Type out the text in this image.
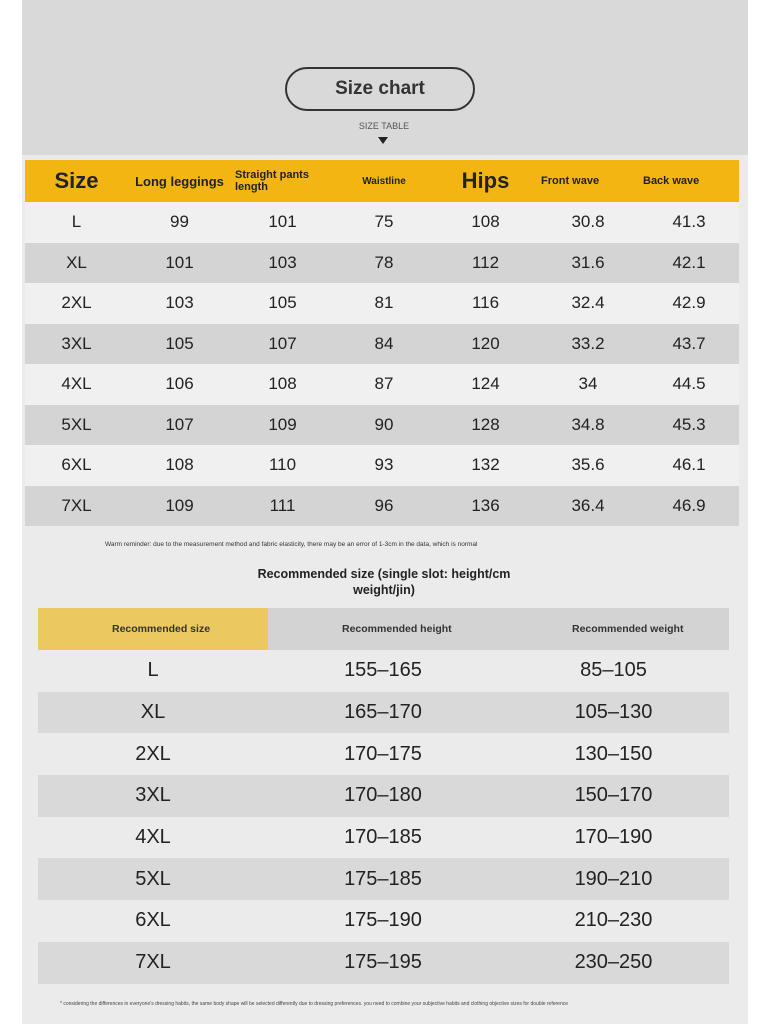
Size chart
SIZE TABLE
Size	Long leggings	Straight pants length	Waistline	Hips	Front wave	Back wave
L	99	101	75	108	30.8	41.3
XL	101	103	78	112	31.6	42.1
2XL	103	105	81	116	32.4	42.9
3XL	105	107	84	120	33.2	43.7
4XL	106	108	87	124	34	44.5
5XL	107	109	90	128	34.8	45.3
6XL	108	110	93	132	35.6	46.1
7XL	109	111	96	136	36.4	46.9
Warm reminder: due to the measurement method and fabric elasticity, there may be an error of 1-3cm in the data, which is normal
Recommended size (single slot: height/cm
weight/jin)
Recommended size	Recommended height	Recommended weight
L	155–165	85–105
XL	165–170	105–130
2XL	170–175	130–150
3XL	170–180	150–170
4XL	170–185	170–190
5XL	175–185	190–210
6XL	175–190	210–230
7XL	175–195	230–250
* considering the differences in everyone's dressing habits, the same body shape will be selected differently due to dressing preferences. you need to combine your subjective habits and clothing objective sizes for double reference
